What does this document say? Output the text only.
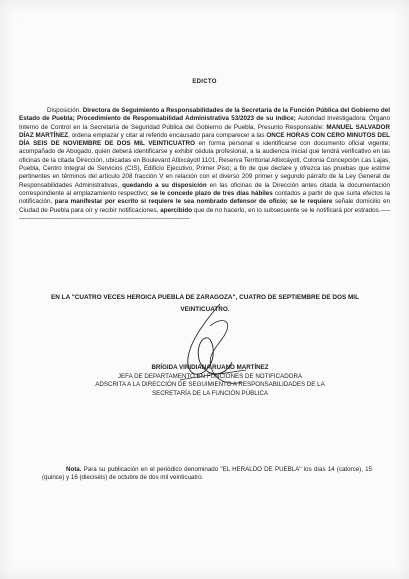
EDICTO
Disposición. Directora de Seguimiento a Responsabilidades de la Secretaría de la Función Pública del Gobierno del Estado de Puebla; Procedimiento de Responsabilidad Administrativa 53/2023 de su índice; Autoridad Investigadora: Órgano Interno de Control en la Secretaría de Seguridad Pública del Gobierno de Puebla, Presunto Responsable: MANUEL SALVADOR DÍAZ MARTÍNEZ, ordena emplazar y citar al referido encausado para comparecer a las ONCE HORAS CON CERO MINUTOS DEL DÍA SEIS DE NOVIEMBRE DE DOS MIL VEINTICUATRO en forma personal e identificarse con documento oficial vigente; acompañado de Abogado, quien deberá identificarse y exhibir cédula profesional, a la audiencia inicial que tendrá verificativo en las oficinas de la citada Dirección, ubicadas en Boulevard Atlixcáyotl 1101, Reserva Territorial Atlixcáyotl, Colonia Concepción Las Lajas, Puebla, Centro Integral de Servicios (CIS), Edificio Ejecutivo, Primer Piso; a fin de que declare y ofrezca las pruebas que estime pertinentes en términos del artículo 208 fracción V en relación con el diverso 209 primer y segundo párrafo de la Ley General de Responsabilidades Administrativas, quedando a su disposición en las oficinas de la Dirección antes citada la documentación correspondiente al emplazamiento respectivo; se le concede plazo de tres días hábiles contados a partir de que surta efectos la notificación, para manifestar por escrito si requiere le sea nombrado defensor de oficio; se le requiere señale domicilio en Ciudad de Puebla para oír y recibir notificaciones, apercibido que de no hacerlo, en lo subsecuente se le notificará por estrados.-----------------------------------------------------------------------------------------------
EN LA "CUATRO VECES HEROICA PUEBLA DE ZARAGOZA", CUATRO DE SEPTIEMBRE DE DOS MIL VEINTICUATRO.
BRÍGIDA VIRIDIANA RUANO MARTÍNEZ
JEFA DE DEPARTAMENTO EN FUNCIONES DE NOTIFICADORA
ADSCRITA A LA DIRECCIÓN DE SEGUIMIENTO A RESPONSABILIDADES DE LA
SECRETARÍA DE LA FUNCIÓN PÚBLICA
Nota. Para su publicación en el periódico denominado "EL HERALDO DE PUEBLA" los días 14 (catorce), 15 (quince) y 16 (dieciséis) de octubre de dos mil veinticuatro.
